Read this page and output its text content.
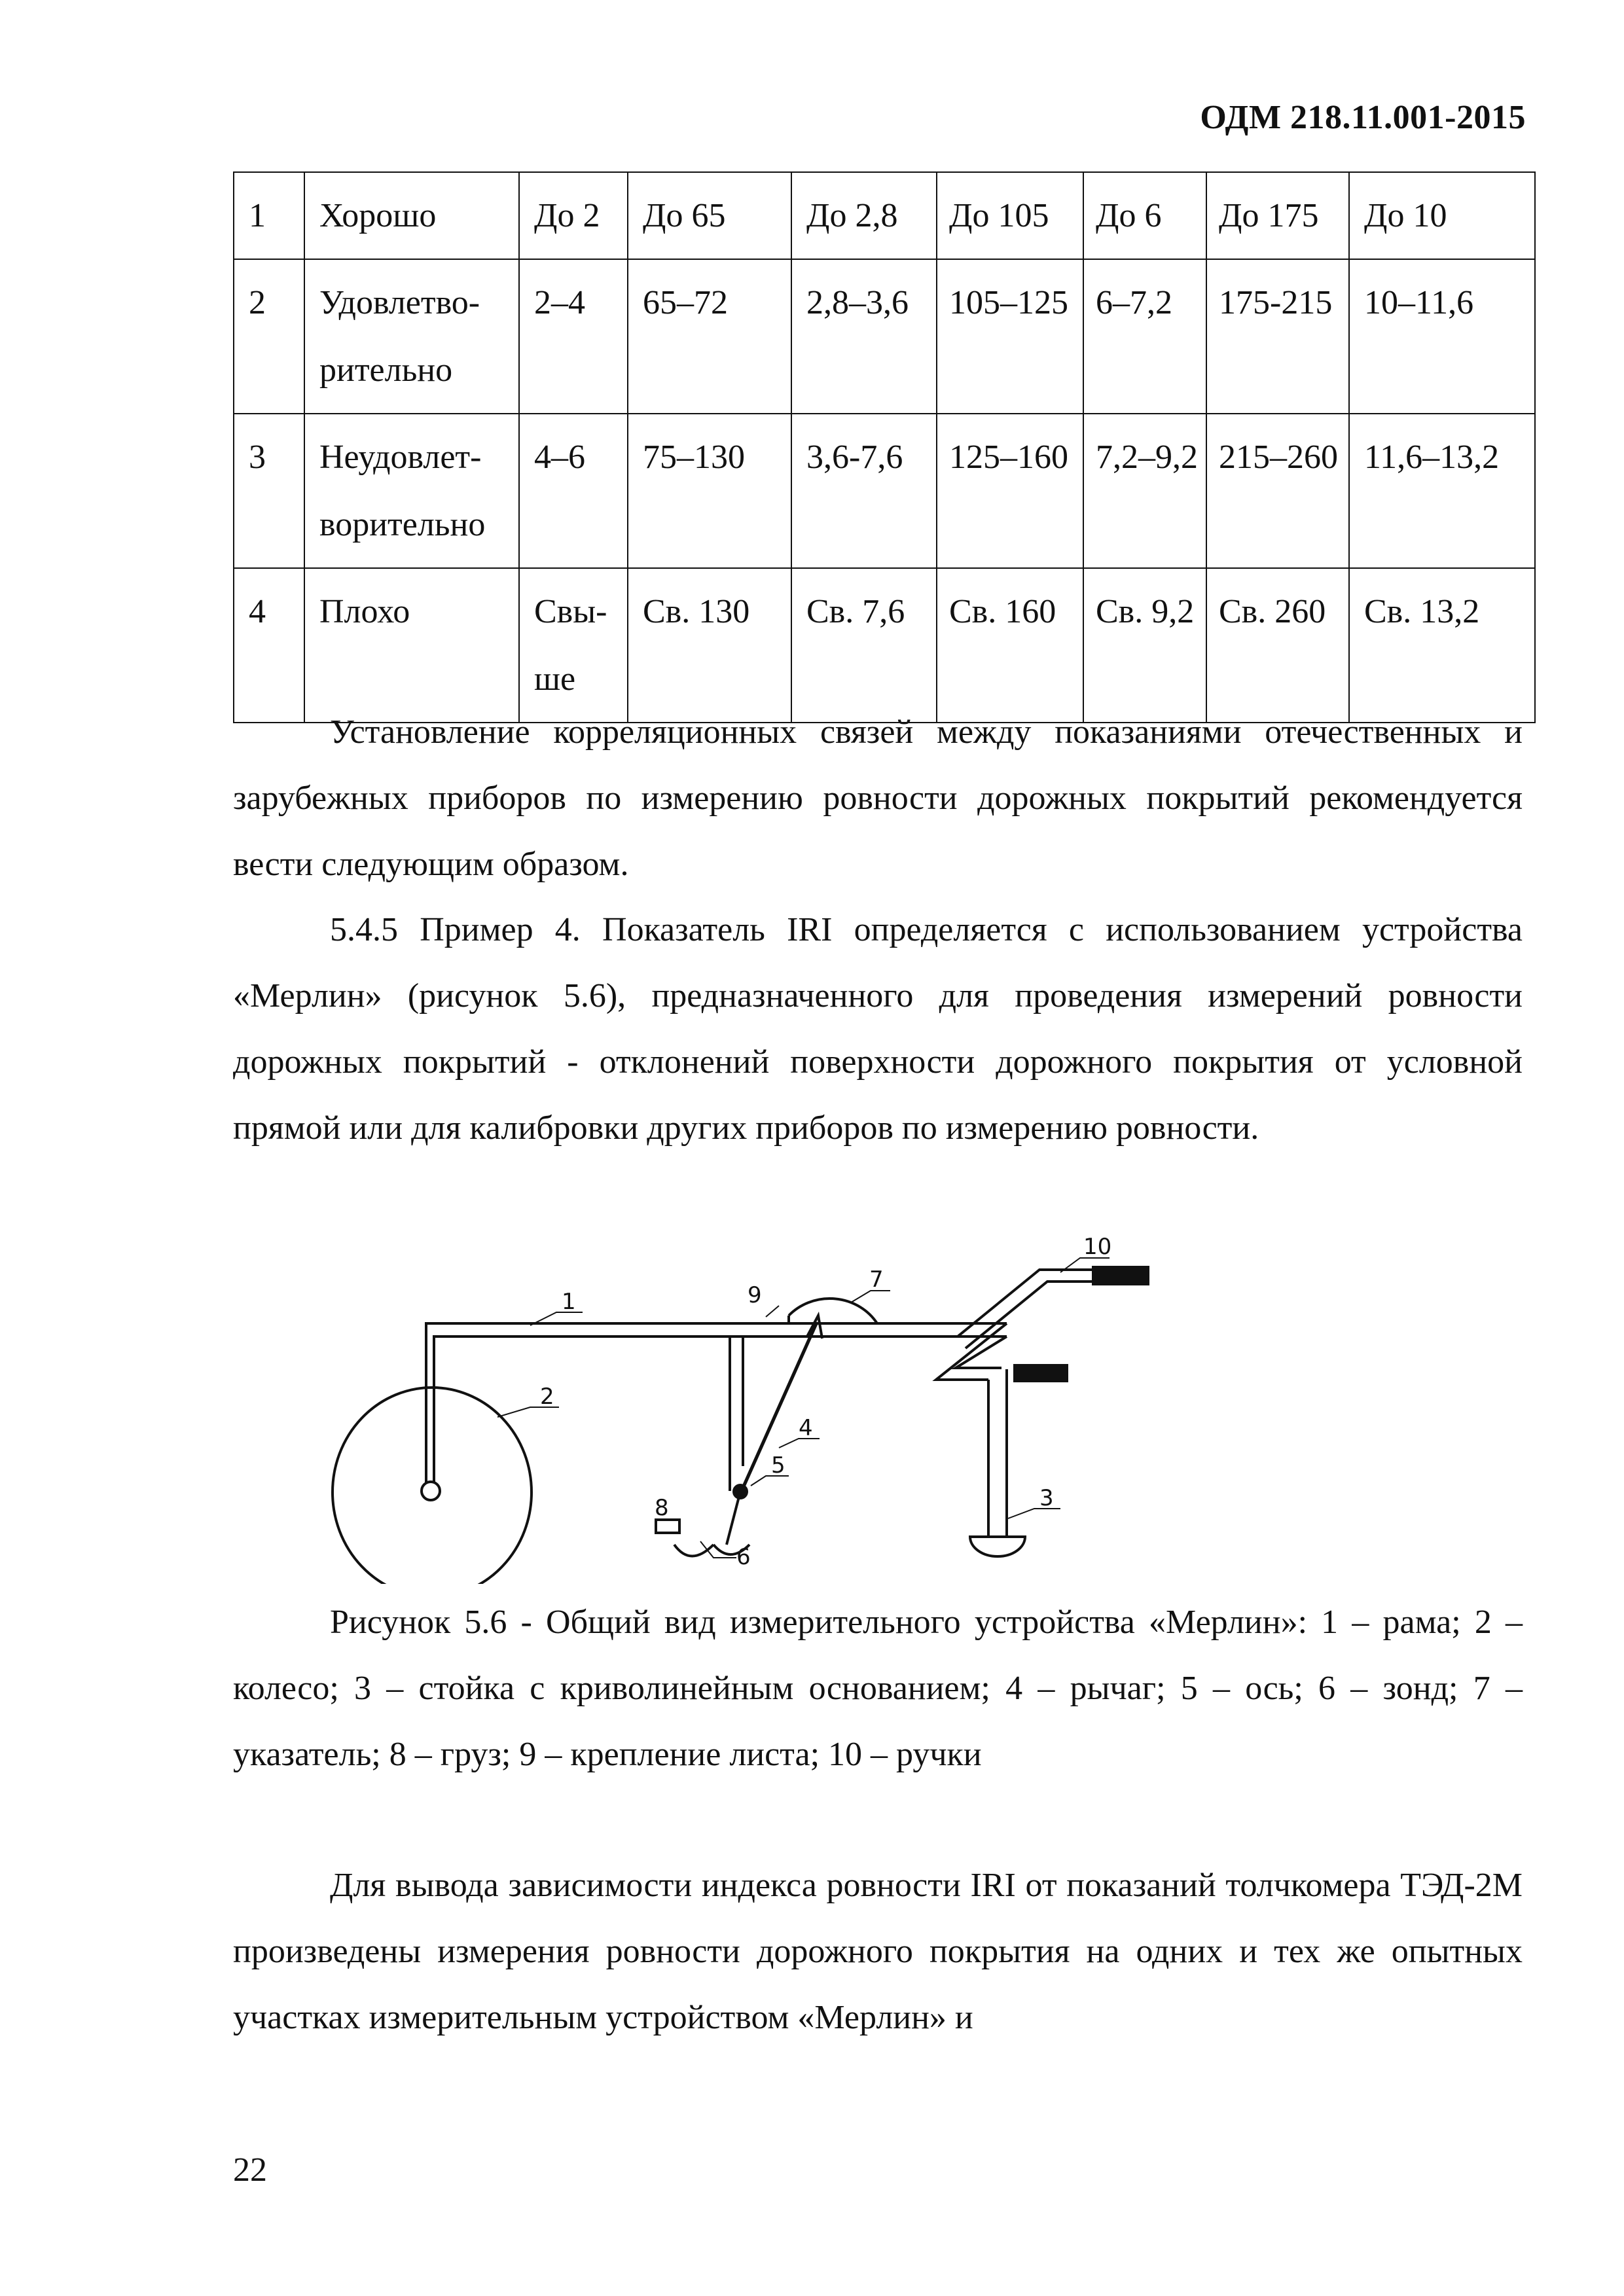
ОДМ 218.11.001-2015
1	Хорошо	До 2	До 65	До 2,8	До 105	До 6	До 175	До 10
2	Удовлетво-рительно	2–4	65–72	2,8–3,6	105–125	6–7,2	175-215	10–11,6
3	Неудовлет-ворительно	4–6	75–130	3,6-7,6	125–160	7,2–9,2	215–260	11,6–13,2
4	Плохо	Свы-ше	Св. 130	Св. 7,6	Св. 160	Св. 9,2	Св. 260	Св. 13,2

Установление корреляционных связей между показаниями отечественных и зарубежных приборов по измерению ровности дорожных покрытий рекомендуется вести следующим образом.

5.4.5 Пример 4. Показатель IRI определяется с использованием устройства «Мерлин» (рисунок 5.6), предназначенного для проведения измерений ровности дорожных покрытий - отклонений поверхности дорожного покрытия от условной прямой или для калибровки других приборов по измерению ровности.

1
2
3
4
5
6
7
8
9
10

Рисунок 5.6 - Общий вид измерительного устройства «Мерлин»: 1 – рама; 2 – колесо; 3 – стойка с криволинейным основанием; 4 – рычаг; 5 – ось; 6 – зонд; 7 – указатель; 8 – груз; 9 – крепление листа; 10 – ручки

Для вывода зависимости индекса ровности IRI от показаний толчкомера ТЭД-2М произведены измерения ровности дорожного покрытия на одних и тех же опытных участках измерительным устройством «Мерлин» и

22
